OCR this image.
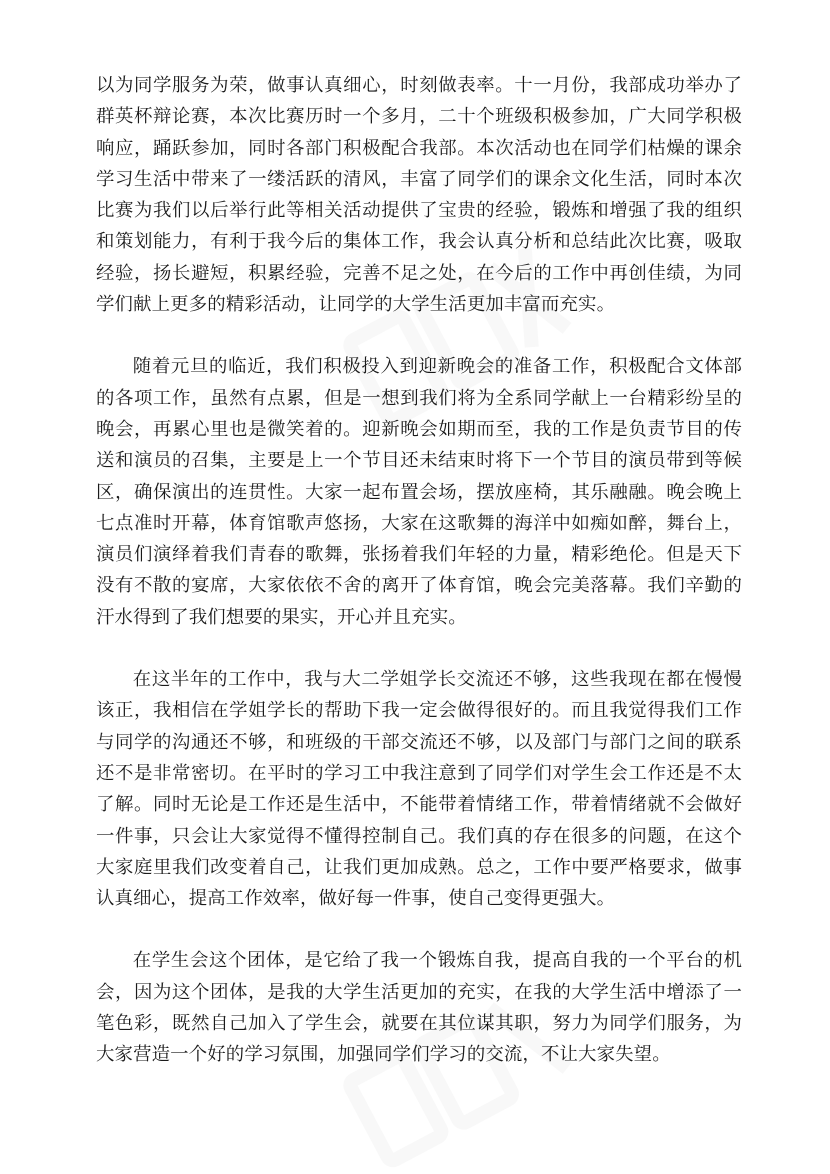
以为同学服务为荣，做事认真细心，时刻做表率。十一月份，我部成功举办了群英杯辩论赛，本次比赛历时一个多月，二十个班级积极参加，广大同学积极响应，踊跃参加，同时各部门积极配合我部。本次活动也在同学们枯燥的课余学习生活中带来了一缕活跃的清风，丰富了同学们的课余文化生活，同时本次比赛为我们以后举行此等相关活动提供了宝贵的经验，锻炼和增强了我的组织和策划能力，有利于我今后的集体工作，我会认真分析和总结此次比赛，吸取经验，扬长避短，积累经验，完善不足之处，在今后的工作中再创佳绩，为同学们献上更多的精彩活动，让同学的大学生活更加丰富而充实。

随着元旦的临近，我们积极投入到迎新晚会的准备工作，积极配合文体部的各项工作，虽然有点累，但是一想到我们将为全系同学献上一台精彩纷呈的晚会，再累心里也是微笑着的。迎新晚会如期而至，我的工作是负责节目的传送和演员的召集，主要是上一个节目还未结束时将下一个节目的演员带到等候区，确保演出的连贯性。大家一起布置会场，摆放座椅，其乐融融。晚会晚上七点准时开幕，体育馆歌声悠扬，大家在这歌舞的海洋中如痴如醉，舞台上，演员们演绎着我们青春的歌舞，张扬着我们年轻的力量，精彩绝伦。但是天下没有不散的宴席，大家依依不舍的离开了体育馆，晚会完美落幕。我们辛勤的汗水得到了我们想要的果实，开心并且充实。

在这半年的工作中，我与大二学姐学长交流还不够，这些我现在都在慢慢该正，我相信在学姐学长的帮助下我一定会做得很好的。而且我觉得我们工作与同学的沟通还不够，和班级的干部交流还不够，以及部门与部门之间的联系还不是非常密切。在平时的学习工中我注意到了同学们对学生会工作还是不太了解。同时无论是工作还是生活中，不能带着情绪工作，带着情绪就不会做好一件事，只会让大家觉得不懂得控制自己。我们真的存在很多的问题，在这个大家庭里我们改变着自己，让我们更加成熟。总之，工作中要严格要求，做事认真细心，提高工作效率，做好每一件事，使自己变得更强大。

在学生会这个团体，是它给了我一个锻炼自我，提高自我的一个平台的机会，因为这个团体，是我的大学生活更加的充实，在我的大学生活中增添了一笔色彩，既然自己加入了学生会，就要在其位谋其职，努力为同学们服务，为大家营造一个好的学习氛围，加强同学们学习的交流，不让大家失望。
